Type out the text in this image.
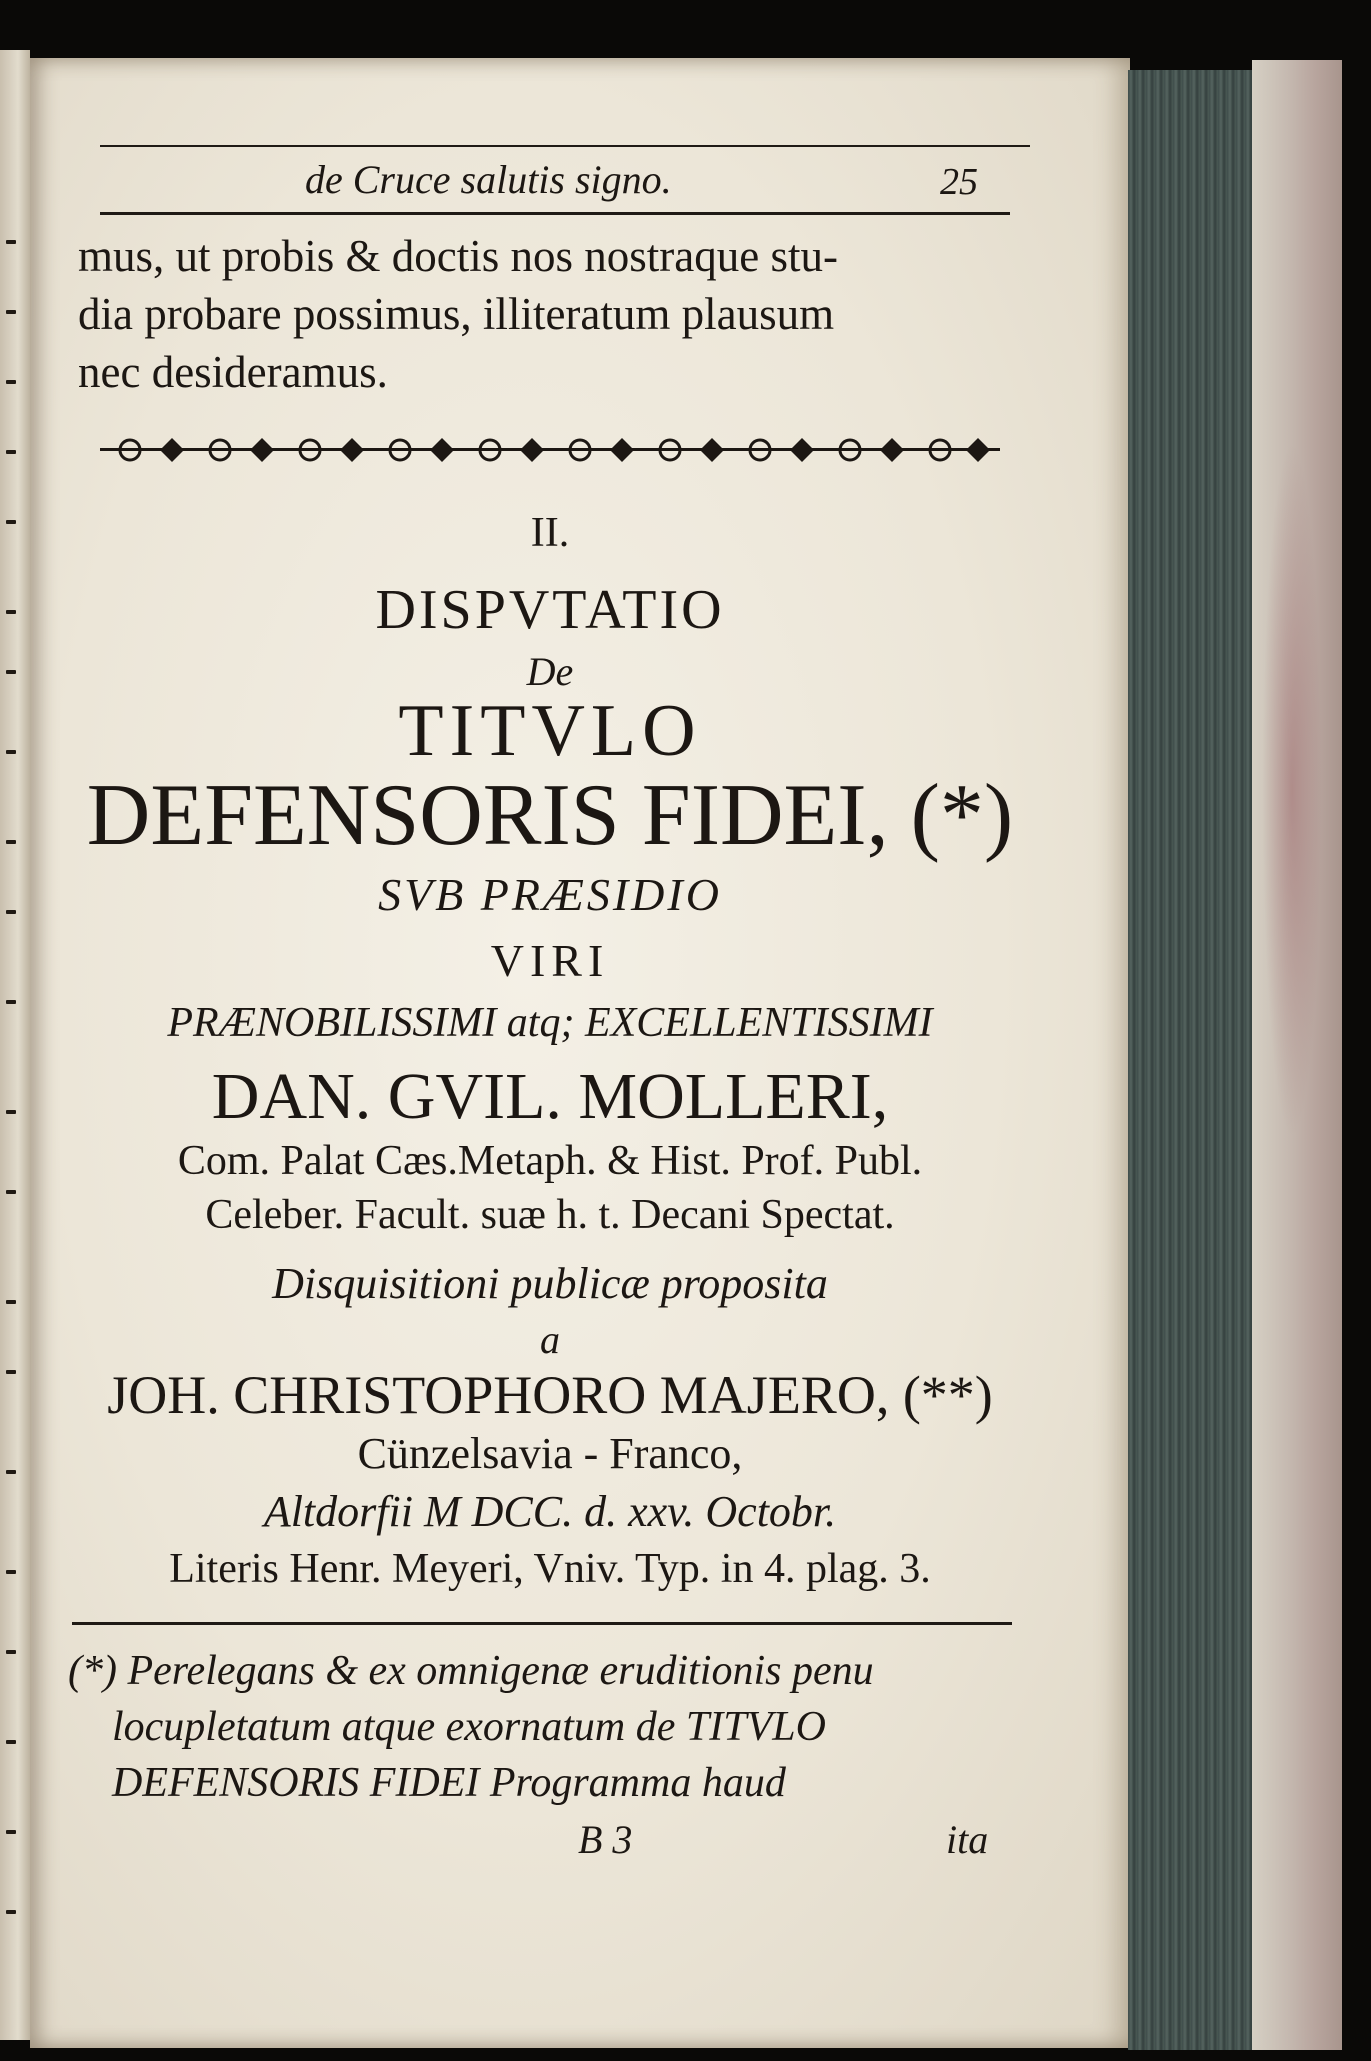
de Cruce salutis signo.	25
mus, ut probis & doctis nos nostraque stu-
dia probare possimus, illiteratum plausum
nec desideramus.
II.
DISPVTATIO
De
TITVLO
DEFENSORIS FIDEI, (*)
SVB PRÆSIDIO
VIRI
PRÆNOBILISSIMI atq; EXCELLENTISSIMI
DAN. GVIL. MOLLERI,
Com. Palat Cæs.Metaph. & Hist. Prof. Publ.
Celeber. Facult. suæ h. t. Decani Spectat.
Disquisitioni publicæ proposita
a
JOH. CHRISTOPHORO MAJERO, (**)
Cünzelsavia - Franco,
Altdorfii M DCC. d. xxv. Octobr.
Literis Henr. Meyeri, Vniv. Typ. in 4. plag. 3.
(*) Perelegans & ex omnigenæ eruditionis penu
locupletatum atque exornatum de TITVLO
DEFENSORIS FIDEI Programma haud
B 3	ita
